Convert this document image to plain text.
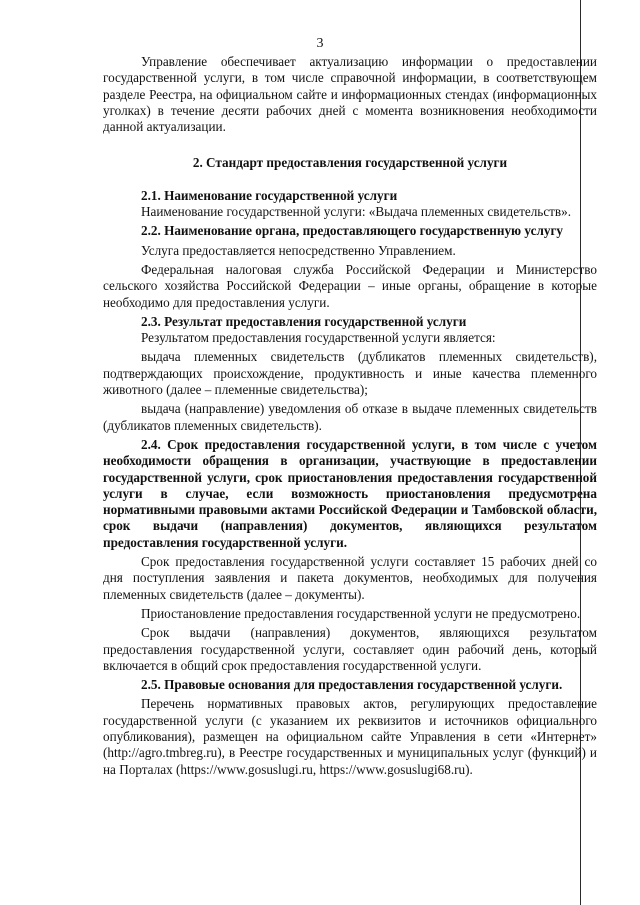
3

Управление обеспечивает актуализацию информации о предоставлении государственной услуги, в том числе справочной информации, в соответствующем разделе Реестра, на официальном сайте и информационных стендах (информационных уголках) в течение десяти рабочих дней с момента возникновения необходимости данной актуализации.

2. Стандарт предоставления государственной услуги

2.1. Наименование государственной услуги

Наименование государственной услуги: «Выдача племенных свидетельств».

2.2. Наименование органа, предоставляющего государственную услугу

Услуга предоставляется непосредственно Управлением.

Федеральная налоговая служба Российской Федерации и Министерство сельского хозяйства Российской Федерации – иные органы, обращение в которые необходимо для предоставления услуги.

2.3. Результат предоставления государственной услуги

Результатом предоставления государственной услуги является:

выдача племенных свидетельств (дубликатов племенных свидетельств), подтверждающих происхождение, продуктивность и иные качества племенного животного (далее – племенные свидетельства);

выдача (направление) уведомления об отказе в выдаче племенных свидетельств (дубликатов племенных свидетельств).

2.4. Срок предоставления государственной услуги, в том числе с учетом необходимости обращения в организации, участвующие в предоставлении государственной услуги, срок приостановления предоставления государственной услуги в случае, если возможность приостановления предусмотрена нормативными правовыми актами Российской Федерации и Тамбовской области, срок выдачи (направления) документов, являющихся результатом предоставления государственной услуги.

Срок предоставления государственной услуги составляет 15 рабочих дней со дня поступления заявления и пакета документов, необходимых для получения племенных свидетельств (далее – документы).

Приостановление предоставления государственной услуги не предусмотрено.

Срок выдачи (направления) документов, являющихся результатом предоставления государственной услуги, составляет один рабочий день, который включается в общий срок предоставления государственной услуги.

2.5. Правовые основания для предоставления государственной услуги.

Перечень нормативных правовых актов, регулирующих предоставление государственной услуги (с указанием их реквизитов и источников официального опубликования), размещен на официальном сайте Управления в сети «Интернет» (http://agro.tmbreg.ru), в Реестре государственных и муниципальных услуг (функций) и на Порталах (https://www.gosuslugi.ru, https://www.gosuslugi68.ru).
